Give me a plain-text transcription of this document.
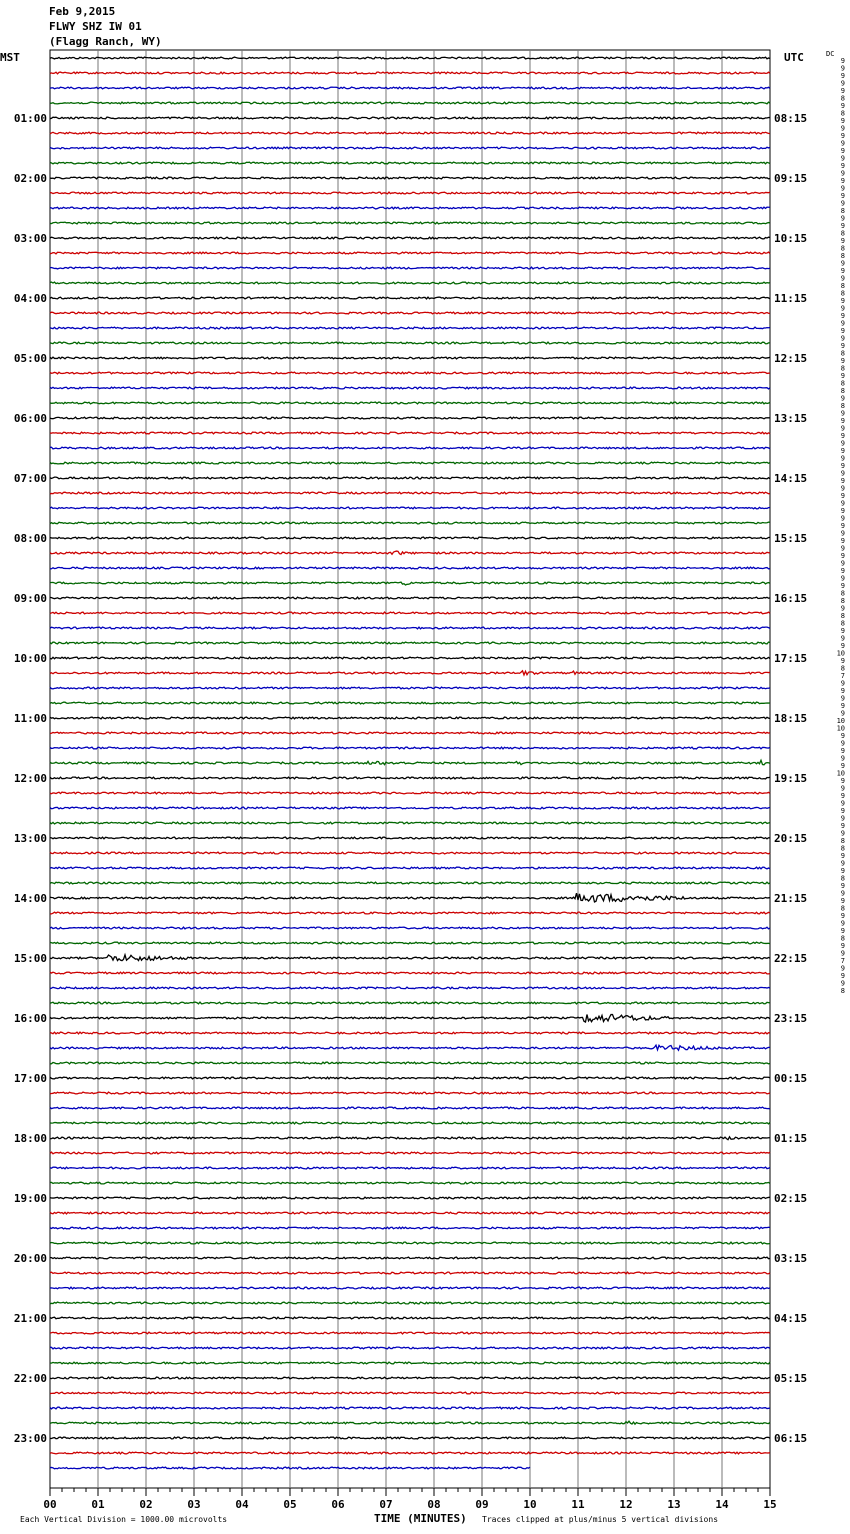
Feb 9,2015
FLWY SHZ IW 01
(Flagg Ranch, WY)
MST	UTC	DC
01:00
02:00
03:00
04:00
05:00
06:00
07:00
08:00
09:00
10:00
11:00
12:00
13:00
14:00
15:00
16:00
17:00
18:00
19:00
20:00
21:00
22:00
23:00
08:15
09:15
10:15
11:15
12:15
13:15
14:15
15:15
16:15
17:15
18:15
19:15
20:15
21:15
22:15
23:15
00:15
01:15
02:15
03:15
04:15
05:15
06:15
9
9
9
9
9
8
9
8
9
9
9
9
9
9
9
9
9
9
9
9
8
9
9
8
9
8
8
9
9
9
8
8
9
9
9
9
9
9
9
8
9
8
9
8
8
9
8
9
9
9
9
9
9
9
9
9
9
9
9
9
9
9
9
9
9
9
9
9
9
9
9
8
8
9
8
8
9
9
9
10
9
8
7
9
9
9
9
9
10
10
9
9
9
9
9
10
9
9
9
9
9
9
9
9
8
8
9
9
9
8
9
9
9
8
9
9
9
8
9
9
7
9
9
9
8
00	01	02	03	04	05	06	07	08	09	10	11	12	13	14	15
Each Vertical Division = 1000.00 microvolts	TIME (MINUTES) Traces clipped at plus/minus 5 vertical divisions
